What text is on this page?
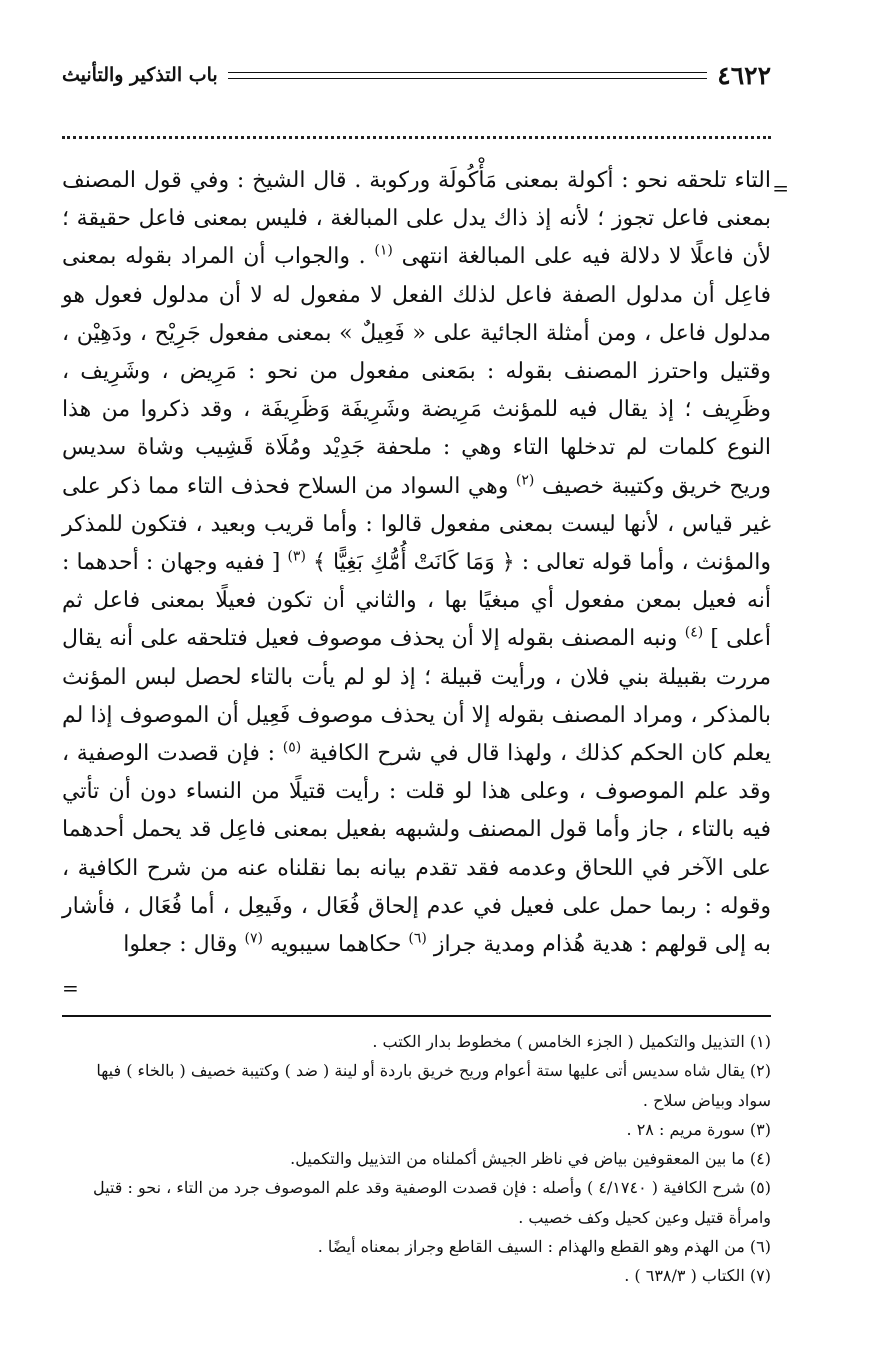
٤٦٢٢
باب التذكير والتأنيث
=

التاء تلحقه نحو : أكولة بمعنى مَأْكُولَة وركوبة . قال الشيخ : وفي قول المصنف بمعنى فاعل تجوز ؛ لأنه إذ ذاك يدل على المبالغة ، فليس بمعنى فاعل حقيقة ؛ لأن فاعلًا لا دلالة فيه على المبالغة انتهى $^{(١)}$ . والجواب أن المراد بقوله بمعنى فاعِل أن مدلول الصفة فاعل لذلك الفعل لا مفعول له لا أن مدلول فعول هو مدلول فاعل ، ومن أمثلة الجائية على « فَعِيلٌ » بمعنى مفعول جَرِيْح ، ودَهِيْن ، وقتيل واحترز المصنف بقوله : بمَعنى مفعول من نحو : مَرِيض ، وشَرِيف ، وظَرِيف ؛ إذ يقال فيه للمؤنث مَرِيضة وشَرِيفَة وَظَرِيفَة ، وقد ذكروا من هذا النوع كلمات لم تدخلها التاء وهي : ملحفة جَدِيْد ومُلَاة قَشِيب وشاة سديس وريح خريق وكتيبة خصيف $^{(٢)}$ وهي السواد من السلاح فحذف التاء مما ذكر على غير قياس ، لأنها ليست بمعنى مفعول قالوا : وأما قريب وبعيد ، فتكون للمذكر والمؤنث ، وأما قوله تعالى : ﴿ وَمَا كَانَتْ أُمُّكِ بَغِيًّا ﴾ $^{(٣)}$ [ ففيه وجهان : أحدهما : أنه فعيل بمعن مفعول أي مبغيًا بها ، والثاني أن تكون فعيلًا بمعنى فاعل ثم أعلى ] $^{(٤)}$ ونبه المصنف بقوله إلا أن يحذف موصوف فعيل فتلحقه على أنه يقال مررت بقبيلة بني فلان ، ورأيت قبيلة ؛ إذ لو لم يأت بالتاء لحصل لبس المؤنث بالمذكر ، ومراد المصنف بقوله إلا أن يحذف موصوف فَعِيل أن الموصوف إذا لم يعلم كان الحكم كذلك ، ولهذا قال في شرح الكافية $^{(٥)}$ : فإن قصدت الوصفية ، وقد علم الموصوف ، وعلى هذا لو قلت : رأيت قتيلًا من النساء دون أن تأتي فيه بالتاء ، جاز وأما قول المصنف ولشبهه بفعيل بمعنى فاعِل قد يحمل أحدهما على الآخر في اللحاق وعدمه فقد تقدم بيانه بما نقلناه عنه من شرح الكافية ، وقوله : ربما حمل على فعيل في عدم إلحاق فُعَال ، وفَيعِل ، أما فُعَال ، فأشار به إلى قولهم : هدية هُذام ومدية جراز $^{(٦)}$ حكاهما سيبويه $^{(٧)}$ وقال : جعلوا

=

(١) التذييل والتكميل ( الجزء الخامس ) مخطوط بدار الكتب .

(٢) يقال شاه سديس أتى عليها ستة أعوام وريح خريق باردة أو لينة ( ضد ) وكتيبة خصيف ( بالخاء ) فيها سواد وبياض سلاح .

(٣) سورة مريم : ٢٨ .

(٤) ما بين المعقوفين بياض في ناظر الجيش أكملناه من التذييل والتكميل.

(٥) شرح الكافية ( ٤/١٧٤٠ ) وأصله : فإن قصدت الوصفية وقد علم الموصوف جرد من التاء ، نحو : قتيل وامرأة قتيل وعين كحيل وكف خصيب .

(٦) من الهذم وهو القطع والهذام : السيف القاطع وجراز بمعناه أيضًا .

(٧) الكتاب ( ٦٣٨/٣ ) .
